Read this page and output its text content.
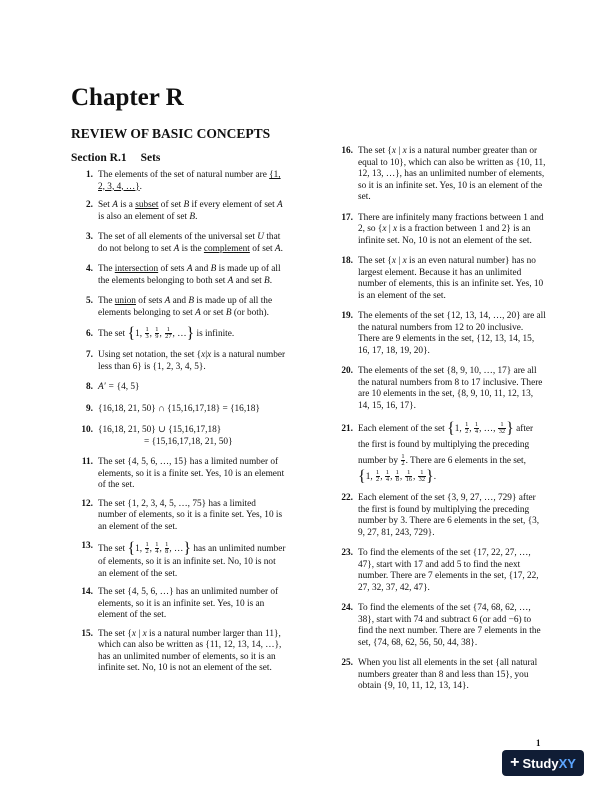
Chapter R
REVIEW OF BASIC CONCEPTS
Section R.1 Sets
1. The elements of the set of natural number are {1, 2, 3, 4, …}.
2. Set A is a subset of set B if every element of set A is also an element of set B.
3. The set of all elements of the universal set U that do not belong to set A is the complement of set A.
4. The intersection of sets A and B is made up of all the elements belonging to both set A and set B.
5. The union of sets A and B is made up of all the elements belonging to set A or set B (or both).
6. The set {1, $\frac{1}{3}$ , $\frac{1}{9}$ , $\frac{1}{27}$ , …} is infinite.
7. Using set notation, the set {x|x is a natural number less than 6} is {1, 2, 3, 4, 5}.
8. A′ = {4, 5}
9. {16,18, 21, 50} ∩ {15,16,17,18} = {16,18}
10. {16,18, 21, 50} ∪ {15,16,17,18}
= {15,16,17,18, 21, 50}
11. The set {4, 5, 6, …, 15} has a limited number of elements, so it is a finite set. Yes, 10 is an element of the set.
12. The set {1, 2, 3, 4, 5, …, 75} has a limited number of elements, so it is a finite set. Yes, 10 is an element of the set.
13. The set {1, $\frac{1}{2}$ , $\frac{1}{4}$ , $\frac{1}{8}$ , …} has an unlimited number of elements, so it is an infinite set. No, 10 is not an element of the set.
14. The set {4, 5, 6, …} has an unlimited number of elements, so it is an infinite set. Yes, 10 is an element of the set.
15. The set {x | x is a natural number larger than 11}, which can also be written as {11, 12, 13, 14, …}, has an unlimited number of elements, so it is an infinite set. No, 10 is not an element of the set.
16. The set {x | x is a natural number greater than or equal to 10}, which can also be written as {10, 11, 12, 13, …}, has an unlimited number of elements, so it is an infinite set. Yes, 10 is an element of the set.
17. There are infinitely many fractions between 1 and 2, so {x | x is a fraction between 1 and 2} is an infinite set. No, 10 is not an element of the set.
18. The set {x | x is an even natural number} has no largest element. Because it has an unlimited number of elements, this is an infinite set. Yes, 10 is an element of the set.
19. The elements of the set {12, 13, 14, …, 20} are all the natural numbers from 12 to 20 inclusive. There are 9 elements in the set, {12, 13, 14, 15, 16, 17, 18, 19, 20}.
20. The elements of the set {8, 9, 10, …, 17} are all the natural numbers from 8 to 17 inclusive. There are 10 elements in the set, {8, 9, 10, 11, 12, 13, 14, 15, 16, 17}.
21. Each element of the set {1, $\frac{1}{2}$ , $\frac{1}{4}$ , …, $\frac{1}{32}$ } after the first is found by multiplying the preceding number by $\frac{1}{2}$ . There are 6 elements in the set,
{1, $\frac{1}{2}$ , $\frac{1}{4}$ , $\frac{1}{8}$ , $\frac{1}{16}$ , $\frac{1}{32}$ }.
22. Each element of the set {3, 9, 27, …, 729} after the first is found by multiplying the preceding number by 3. There are 6 elements in the set, {3, 9, 27, 81, 243, 729}.
23. To find the elements of the set {17, 22, 27, …, 47}, start with 17 and add 5 to find the next number. There are 7 elements in the set, {17, 22, 27, 32, 37, 42, 47}.
24. To find the elements of the set {74, 68, 62, …, 38}, start with 74 and subtract 6 (or add −6) to find the next number. There are 7 elements in the set, {74, 68, 62, 56, 50, 44, 38}.
25. When you list all elements in the set {all natural numbers greater than 8 and less than 15}, you obtain {9, 10, 11, 12, 13, 14}.
1
+ Study XY
